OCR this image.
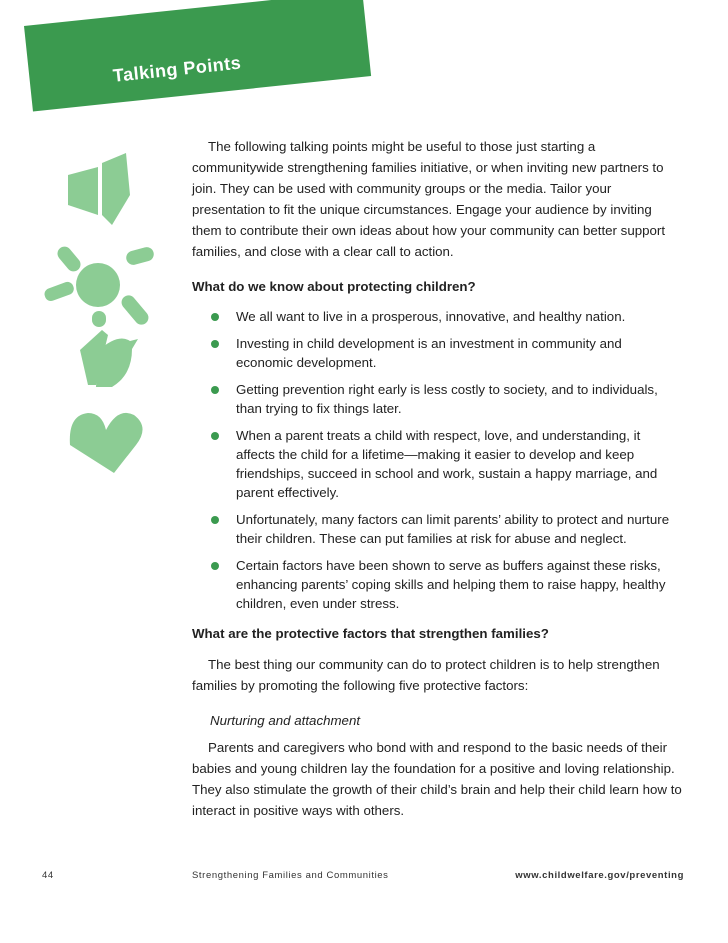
Talking Points

The following talking points might be useful to those just starting a communitywide strengthening families initiative, or when inviting new partners to join. They can be used with community groups or the media. Tailor your presentation to fit the unique circumstances. Engage your audience by inviting them to contribute their own ideas about how your community can better support families, and close with a clear call to action.

What do we know about protecting children?
We all want to live in a prosperous, innovative, and healthy nation.
Investing in child development is an investment in community and economic development.
Getting prevention right early is less costly to society, and to individuals, than trying to fix things later.
When a parent treats a child with respect, love, and understanding, it affects the child for a lifetime—making it easier to develop and keep friendships, succeed in school and work, sustain a happy marriage, and parent effectively.
Unfortunately, many factors can limit parents’ ability to protect and nurture their children. These can put families at risk for abuse and neglect.
Certain factors have been shown to serve as buffers against these risks, enhancing parents’ coping skills and helping them to raise happy, healthy children, even under stress.
What are the protective factors that strengthen families?

The best thing our community can do to protect children is to help strengthen families by promoting the following five protective factors:

Nurturing and attachment

Parents and caregivers who bond with and respond to the basic needs of their babies and young children lay the foundation for a positive and loving relationship. They also stimulate the growth of their child’s brain and help their child learn how to interact in positive ways with others.

44	Strengthening Families and Communities	www.childwelfare.gov/preventing
